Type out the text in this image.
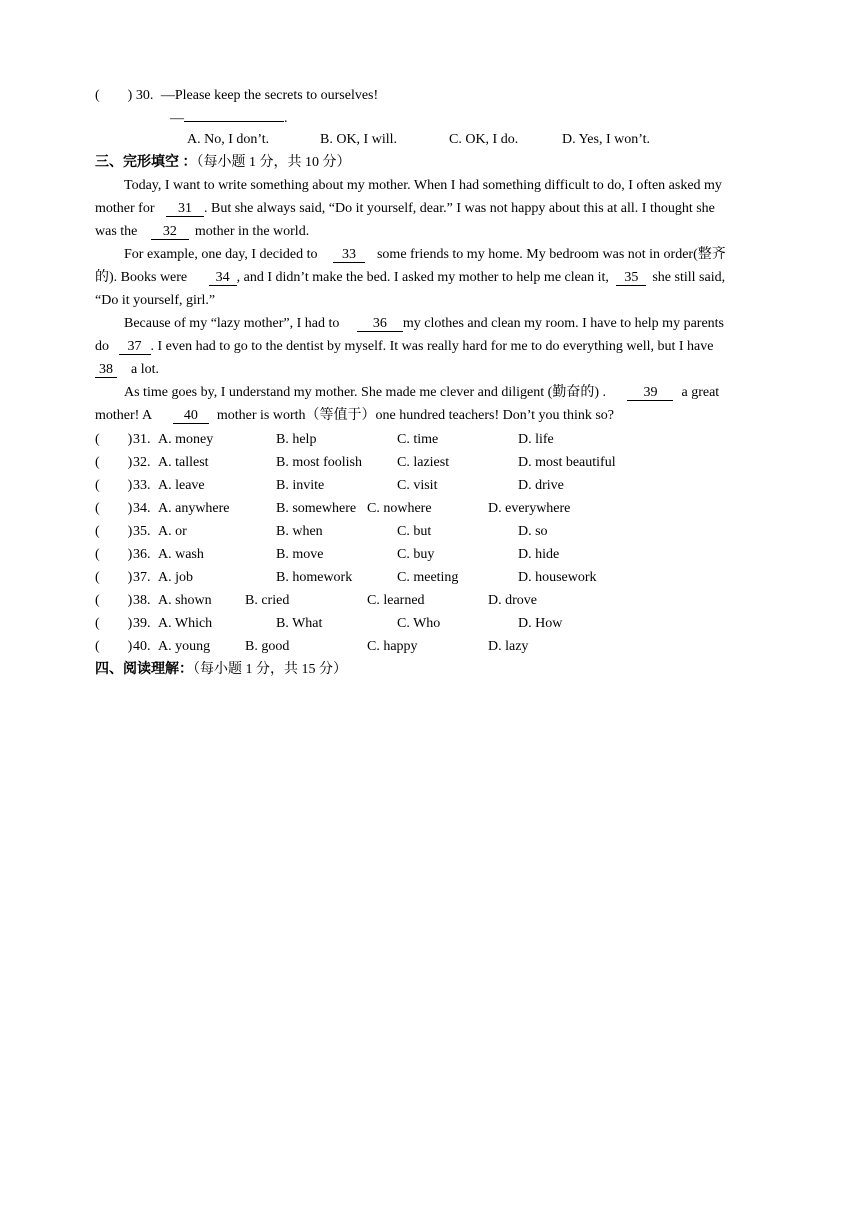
( ) 30. —Please keep the secrets to ourselves!
—	.
A. No, I don’t.	B. OK, I will.	C. OK, I do.	D. Yes, I won’t.
三、完形填空 ：（每小题 1 分，共 10 分）
Today, I want to write something about my mother. When I had something difficult to do, I often asked my
mother for 31 . But she always said, “Do it yourself, dear.” I was not happy about this at all. I thought she
was the 32 mother in the world.
For example, one day, I decided to 33 some friends to my home. My bedroom was not in order(整齐
的). Books were 34 , and I didn’t make the bed. I asked my mother to help me clean it, 35 she still said,
“Do it yourself, girl.”
Because of my “lazy mother”, I had to 36 my clothes and clean my room. I have to help my parents
do 37 . I even had to go to the dentist by myself. It was really hard for me to do everything well, but I have
38 a lot.
As time goes by, I understand my mother. She made me clever and diligent (勤奋的) .	39 a great
mother! A 40 mother is worth（等值于）one hundred teachers! Don’t you think so?
( ) 31. A. money	B. help	C. time	D. life
( ) 32. A. tallest	B. most foolish	C. laziest	D. most beautiful
( ) 33. A. leave	B. invite	C. visit	D. drive
( ) 34. A. anywhere	B. somewhere C. nowhere	D. everywhere
( ) 35. A. or	B. when	C. but	D. so
( ) 36. A. wash	B. move	C. buy	D. hide
( ) 37. A. job	B. homework	C. meeting	D. housework
( ) 38. A. shown B. cried	C. learned	D. drove
( ) 39. A. Which	B. What	C. Who	D. How
( ) 40. A. young B. good	C. happy	D. lazy
四、阅读理解：（每小题 1 分，共 15 分）
